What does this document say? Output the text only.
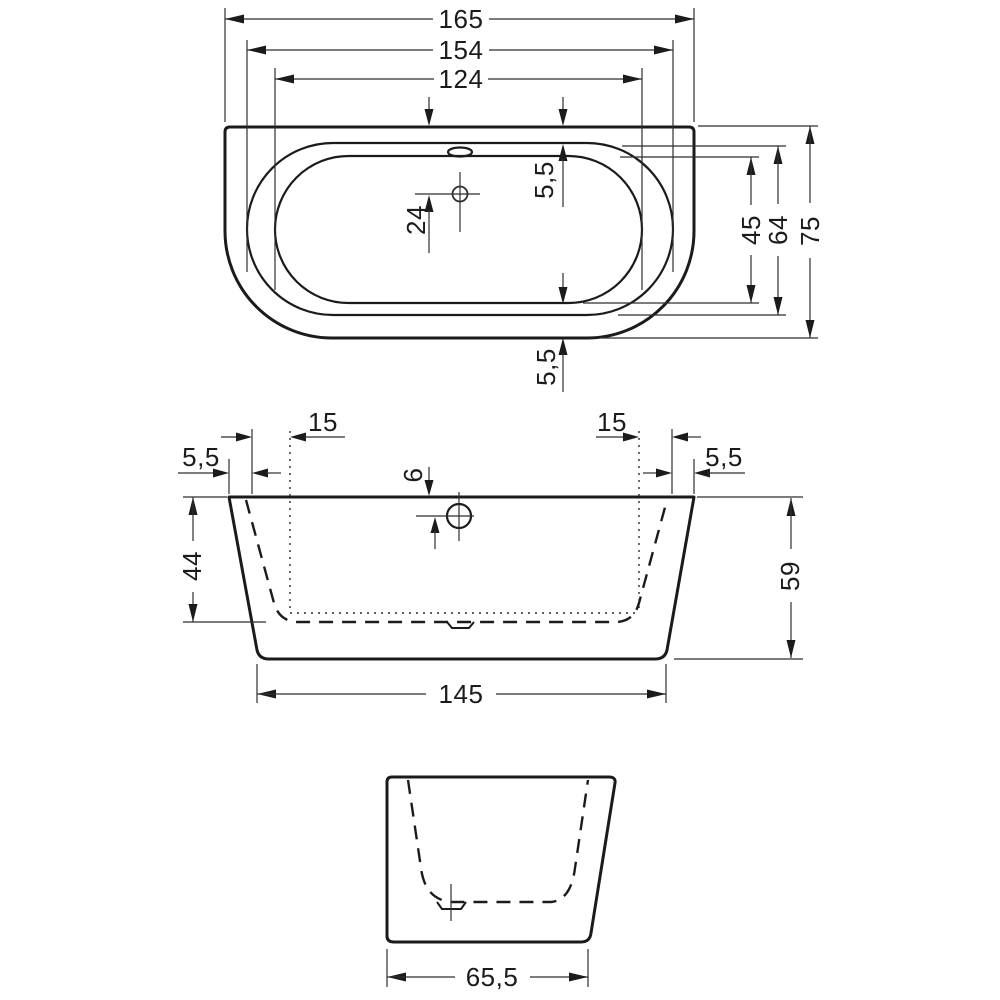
165
154
124
24
5,5
5,5
45
64 75
5,5
15
6
15
5,5
44	59
145
65,5
